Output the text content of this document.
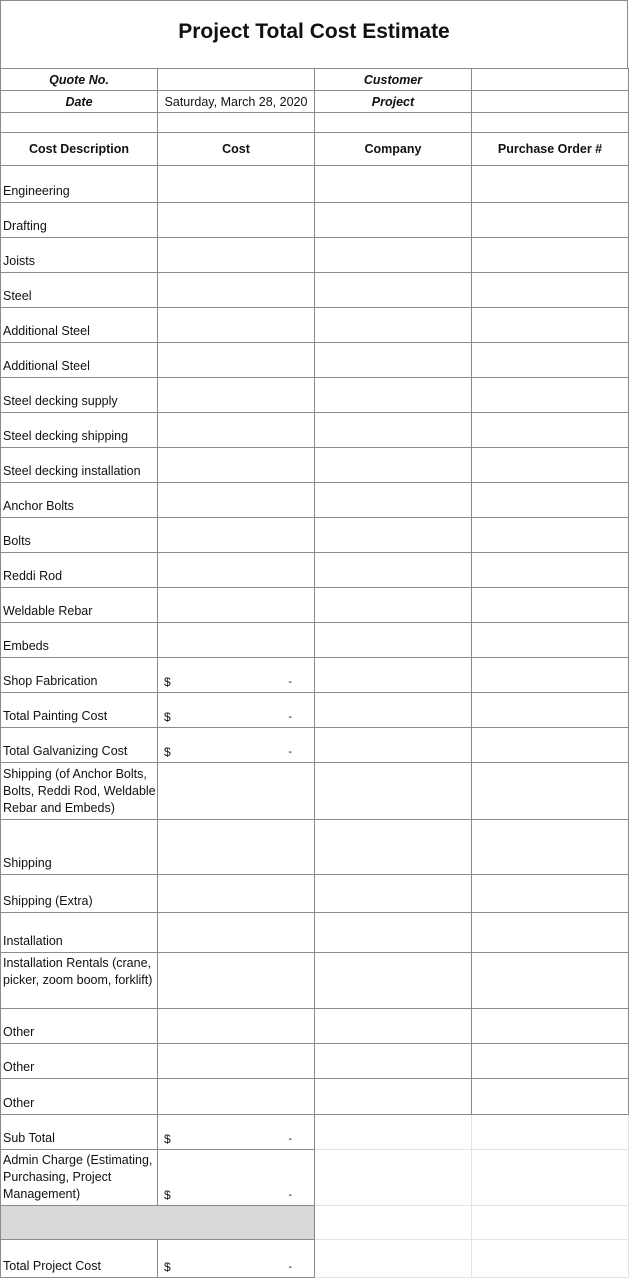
Project Total Cost Estimate
Quote No.		Customer	
Date	Saturday, March 28, 2020	Project	

Cost Description	Cost	Company	Purchase Order #
Engineering			
Drafting			
Joists			
Steel			
Additional Steel			
Additional Steel			
Steel decking supply			
Steel decking shipping			
Steel decking installation			
Anchor Bolts			
Bolts			
Reddi Rod			
Weldable Rebar			
Embeds			
Shop Fabrication	$ -		

Total Painting Cost	$ -		

Total Galvanizing Cost	$ -		

Shipping (of Anchor Bolts, Bolts, Reddi Rod, Weldable Rebar and Embeds)			
Shipping			
Shipping (Extra)			
Installation			
Installation Rentals (crane, picker, zoom boom, forklift)			
Other			
Other			
Other			
Sub Total	$ -		

Admin Charge (Estimating, Purchasing, Project Management)	$ -		

Total Project Cost	$ -		
